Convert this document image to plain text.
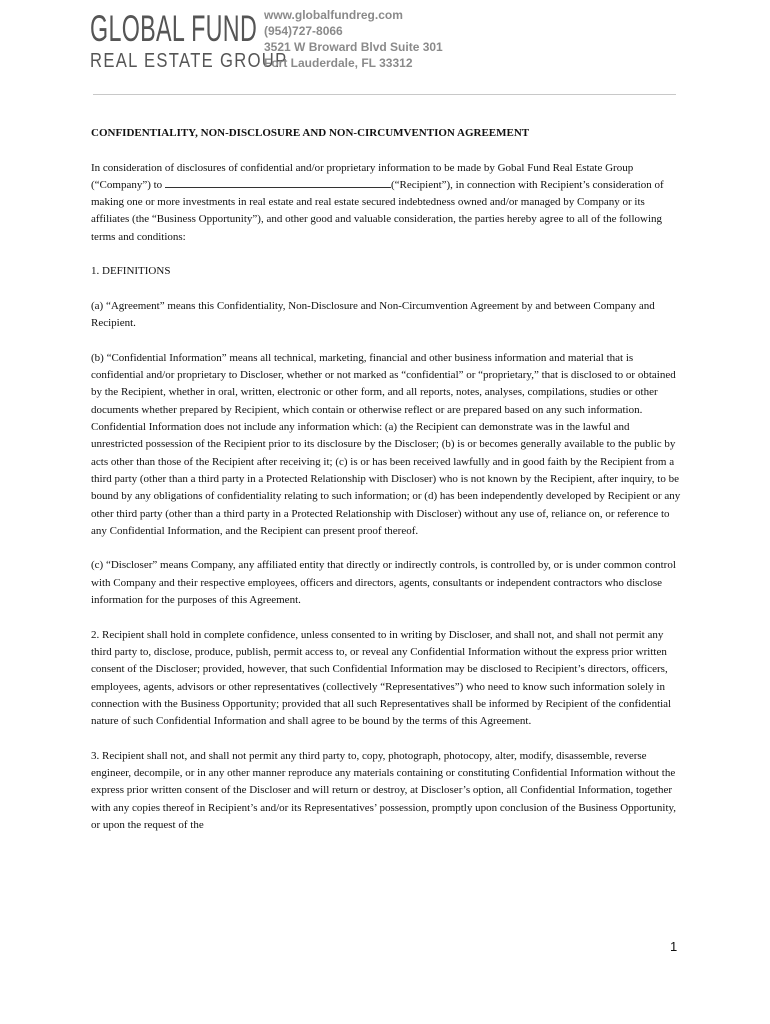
GLOBAL FUND
REAL ESTATE GROUP
www.globalfundreg.com
(954)727-8066
3521 W Broward Blvd Suite 301
Fort Lauderdale, FL 33312

CONFIDENTIALITY, NON-DISCLOSURE AND NON-CIRCUMVENTION AGREEMENT

In consideration of disclosures of confidential and/or proprietary information to be made by Gobal Fund Real Estate Group (“Company”) to	(“Recipient”), in connection with Recipient’s consideration of making one or more investments in real estate and real estate secured indebtedness owned and/or managed by Company or its affiliates (the “Business Opportunity”), and other good and valuable consideration, the parties hereby agree to all of the following terms and conditions:

1. DEFINITIONS

(a) “Agreement” means this Confidentiality, Non-Disclosure and Non-Circumvention Agreement by and between Company and Recipient.

(b) “Confidential Information” means all technical, marketing, financial and other business information and material that is confidential and/or proprietary to Discloser, whether or not marked as “confidential” or “proprietary,” that is disclosed to or obtained by the Recipient, whether in oral, written, electronic or other form, and all reports, notes, analyses, compilations, studies or other documents whether prepared by Recipient, which contain or otherwise reflect or are prepared based on any such information. Confidential Information does not include any information which: (a) the Recipient can demonstrate was in the lawful and unrestricted possession of the Recipient prior to its disclosure by the Discloser; (b) is or becomes generally available to the public by acts other than those of the Recipient after receiving it; (c) is or has been received lawfully and in good faith by the Recipient from a third party (other than a third party in a Protected Relationship with Discloser) who is not known by the Recipient, after inquiry, to be bound by any obligations of confidentiality relating to such information; or (d) has been independently developed by Recipient or any other third party (other than a third party in a Protected Relationship with Discloser) without any use of, reliance on, or reference to any Confidential Information, and the Recipient can present proof thereof.

(c) “Discloser” means Company, any affiliated entity that directly or indirectly controls, is controlled by, or is under common control with Company and their respective employees, officers and directors, agents, consultants or independent contractors who disclose information for the purposes of this Agreement.

2. Recipient shall hold in complete confidence, unless consented to in writing by Discloser, and shall not, and shall not permit any third party to, disclose, produce, publish, permit access to, or reveal any Confidential Information without the express prior written consent of the Discloser; provided, however, that such Confidential Information may be disclosed to Recipient’s directors, officers, employees, agents, advisors or other representatives (collectively “Representatives”) who need to know such information solely in connection with the Business Opportunity; provided that all such Representatives shall be informed by Recipient of the confidential nature of such Confidential Information and shall agree to be bound by the terms of this Agreement.

3. Recipient shall not, and shall not permit any third party to, copy, photograph, photocopy, alter, modify, disassemble, reverse engineer, decompile, or in any other manner reproduce any materials containing or constituting Confidential Information without the express prior written consent of the Discloser and will return or destroy, at Discloser’s option, all Confidential Information, together with any copies thereof in Recipient’s and/or its Representatives’ possession, promptly upon conclusion of the Business Opportunity, or upon the request of the

1
